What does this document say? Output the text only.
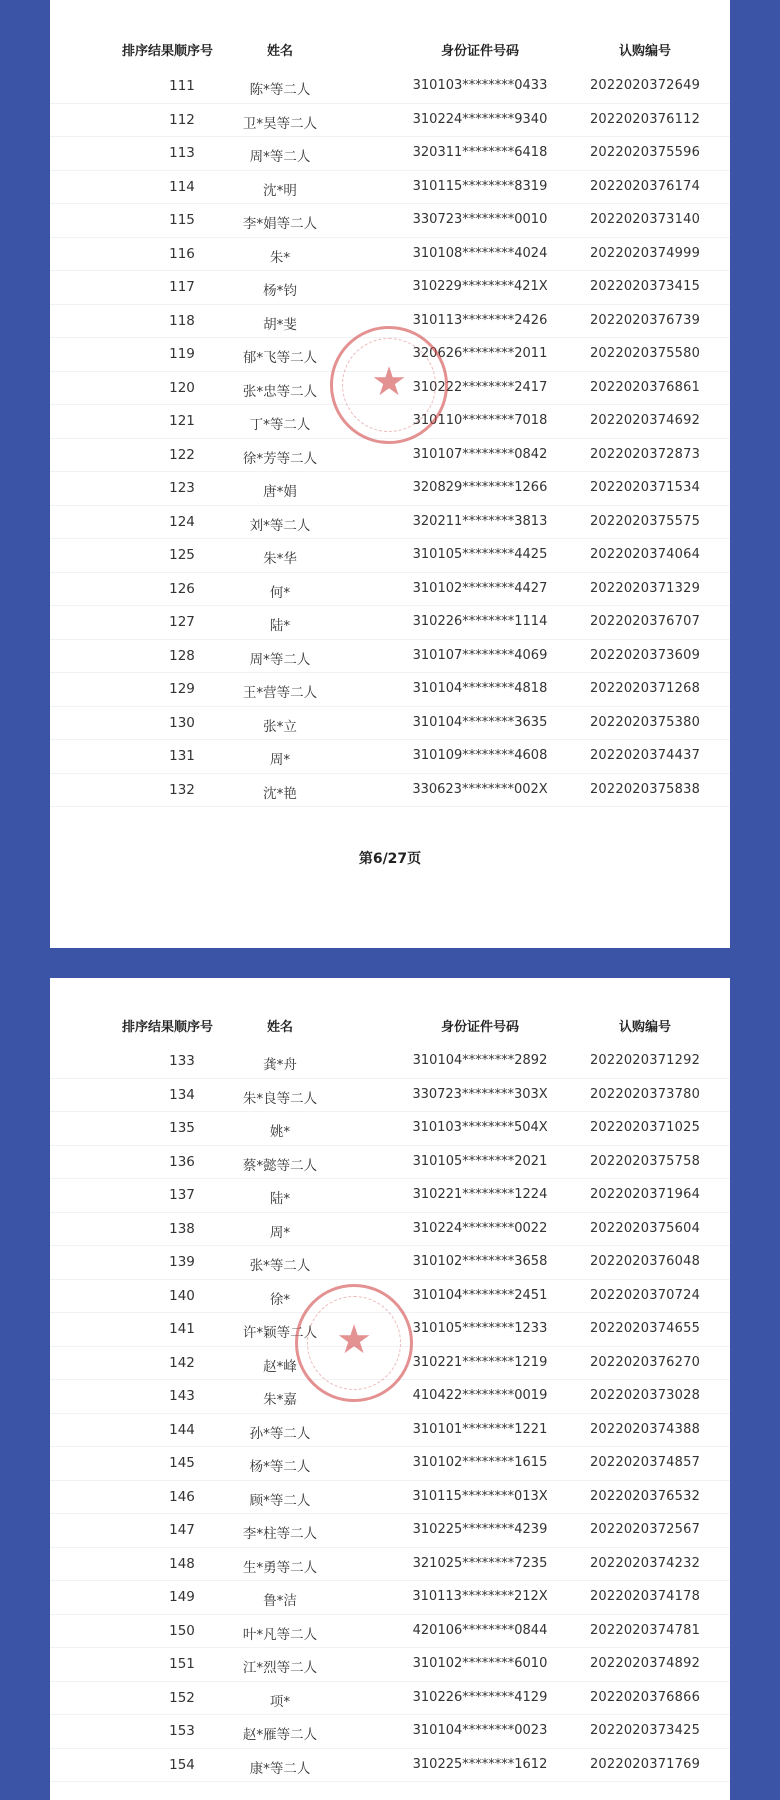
排序结果顺序号	姓名	身份证件号码	认购编号
111	陈*等二人	310103********0433	2022020372649
112	卫*昊等二人	310224********9340	2022020376112
113	周*等二人	320311********6418	2022020375596
114	沈*明	310115********8319	2022020376174
115	李*娟等二人	330723********0010	2022020373140
116	朱*	310108********4024	2022020374999
117	杨*钧	310229********421X	2022020373415
118	胡*斐	310113********2426	2022020376739
119	郁*飞等二人	320626********2011	2022020375580
120	张*忠等二人	310222********2417	2022020376861
121	丁*等二人	310110********7018	2022020374692
122	徐*芳等二人	310107********0842	2022020372873
123	唐*娟	320829********1266	2022020371534
124	刘*等二人	320211********3813	2022020375575
125	朱*华	310105********4425	2022020374064
126	何*	310102********4427	2022020371329
127	陆*	310226********1114	2022020376707
128	周*等二人	310107********4069	2022020373609
129	王*营等二人	310104********4818	2022020371268
130	张*立	310104********3635	2022020375380
131	周*	310109********4608	2022020374437
132	沈*艳	330623********002X	2022020375838
★
第6/27页
排序结果顺序号	姓名	身份证件号码	认购编号
133	龚*舟	310104********2892	2022020371292
134	朱*良等二人	330723********303X	2022020373780
135	姚*	310103********504X	2022020371025
136	蔡*懿等二人	310105********2021	2022020375758
137	陆*	310221********1224	2022020371964
138	周*	310224********0022	2022020375604
139	张*等二人	310102********3658	2022020376048
140	徐*	310104********2451	2022020370724
141	许*颖等二人	310105********1233	2022020374655
142	赵*峰	310221********1219	2022020376270
143	朱*嘉	410422********0019	2022020373028
144	孙*等二人	310101********1221	2022020374388
145	杨*等二人	310102********1615	2022020374857
146	顾*等二人	310115********013X	2022020376532
147	李*柱等二人	310225********4239	2022020372567
148	生*勇等二人	321025********7235	2022020374232
149	鲁*洁	310113********212X	2022020374178
150	叶*凡等二人	420106********0844	2022020374781
151	江*烈等二人	310102********6010	2022020374892
152	项*	310226********4129	2022020376866
153	赵*雁等二人	310104********0023	2022020373425
154	康*等二人	310225********1612	2022020371769
★
